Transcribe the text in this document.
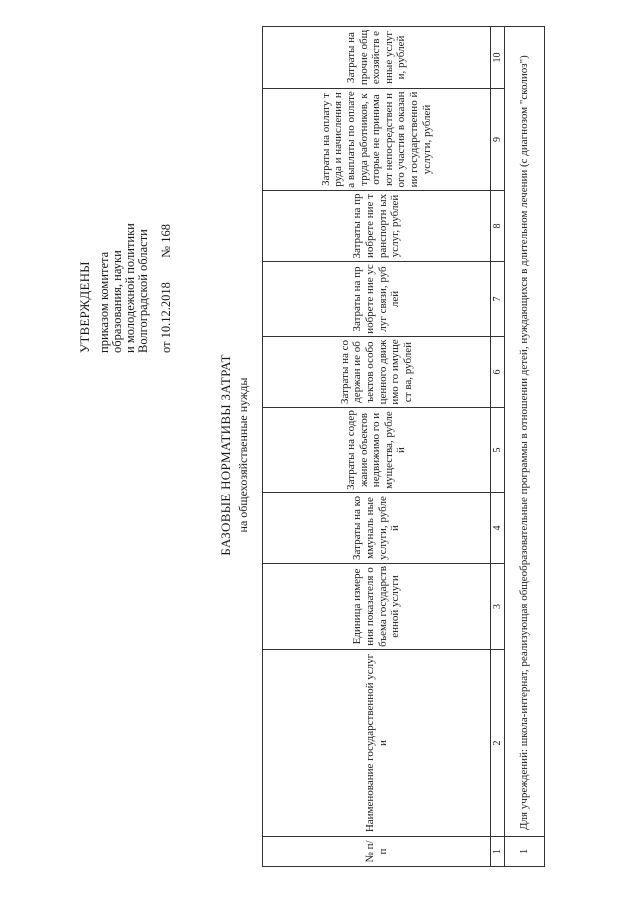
УТВЕРЖДЕНЫ приказом комитета образования, науки и молодежной политики Волгоградской области от 10.12.2018  № 168
БАЗОВЫЕ НОРМАТИВЫ ЗАТРАТ на общехозяйственные нужды
№ п/п	Наименование государственной услуги	Единица измерения показателя объема государств енной услуги	Затраты на коммуналь ные услуги, рублей	Затраты на содержание объектов недвижимо го имущества, рублей	Затраты на содержан ие объектов особо ценного движимо го имущест ва, рублей	Затраты на приобрете ние услуг связи, рублей	Затраты на приобрете ние транспортн ых услуг, рублей	Затраты на оплату труда и начисления на выплаты по оплате труда работников, которые не принимают непосредствен ного участия в оказании государственно й услуги, рублей	Затраты на прочие общехозяйств енные услуги, рублей
1	2	3	4	5	6	7	8	9	10
1	Для учреждений: школа-интернат, реализующая общеобразовательные программы в отношении детей, нуждающихся в длительном лечении (с диагнозом "сколиоз")								
